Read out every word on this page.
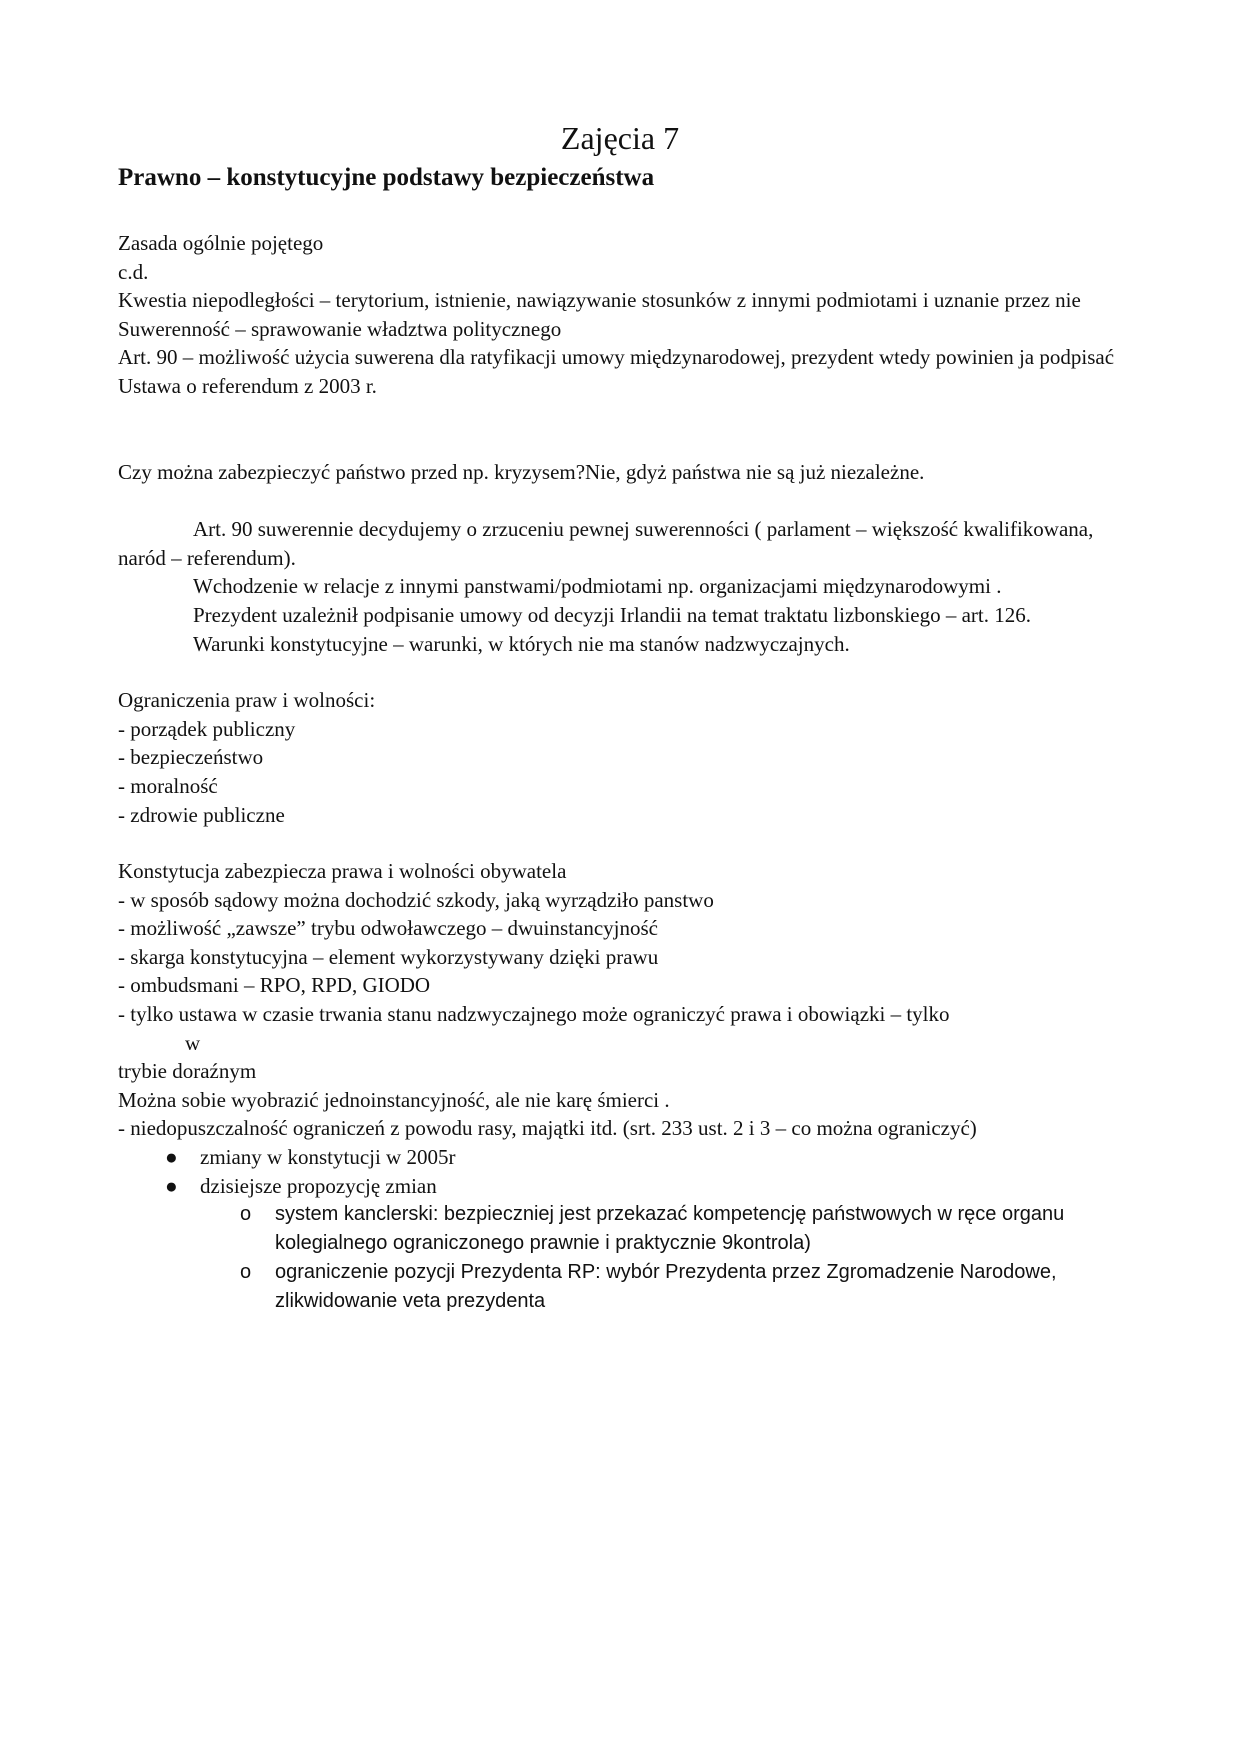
Zajęcia 7
Prawno – konstytucyjne podstawy bezpieczeństwa

Zasada ogólnie pojętego

c.d.

Kwestia niepodległości – terytorium, istnienie, nawiązywanie stosunków z innymi podmiotami i uznanie przez nie

Suwerenność – sprawowanie władztwa politycznego

Art. 90 – możliwość użycia suwerena dla ratyfikacji umowy międzynarodowej, prezydent wtedy powinien ja podpisać

Ustawa o referendum z 2003 r.

Czy można zabezpieczyć państwo przed np. kryzysem?Nie, gdyż państwa nie są już niezależne.

Art. 90 suwerennie decydujemy o zrzuceniu pewnej suwerenności ( parlament – większość kwalifikowana, naród – referendum).

Wchodzenie w relacje z innymi panstwami/podmiotami np. organizacjami międzynarodowymi .

Prezydent uzależnił podpisanie umowy od decyzji Irlandii na temat traktatu lizbonskiego – art. 126.

Warunki konstytucyjne – warunki, w których nie ma stanów nadzwyczajnych.

Ograniczenia praw i wolności:

- porządek publiczny

- bezpieczeństwo

- moralność

- zdrowie publiczne

Konstytucja zabezpiecza prawa i wolności obywatela

- w sposób sądowy można dochodzić szkody, jaką wyrządziło panstwo

- możliwość „zawsze” trybu odwoławczego – dwuinstancyjność

- skarga konstytucyjna – element wykorzystywany dzięki prawu

- ombudsmani – RPO, RPD, GIODO

- tylko ustawa w czasie trwania stanu nadzwyczajnego może ograniczyć prawa i obowiązki – tylko

w

trybie doraźnym

Można sobie wyobrazić jednoinstancyjność, ale nie karę śmierci .

- niedopuszczalność ograniczeń z powodu rasy, majątki itd. (srt. 233 ust. 2 i 3 – co można ograniczyć)

● zmiany w konstytucji w 2005r
● dzisiejsze propozycję zmian
o system kanclerski: bezpieczniej jest przekazać kompetencję państwowych w ręce organu kolegialnego ograniczonego prawnie i praktycznie 9kontrola)
o ograniczenie pozycji Prezydenta RP: wybór Prezydenta przez Zgromadzenie Narodowe, zlikwidowanie veta prezydenta
